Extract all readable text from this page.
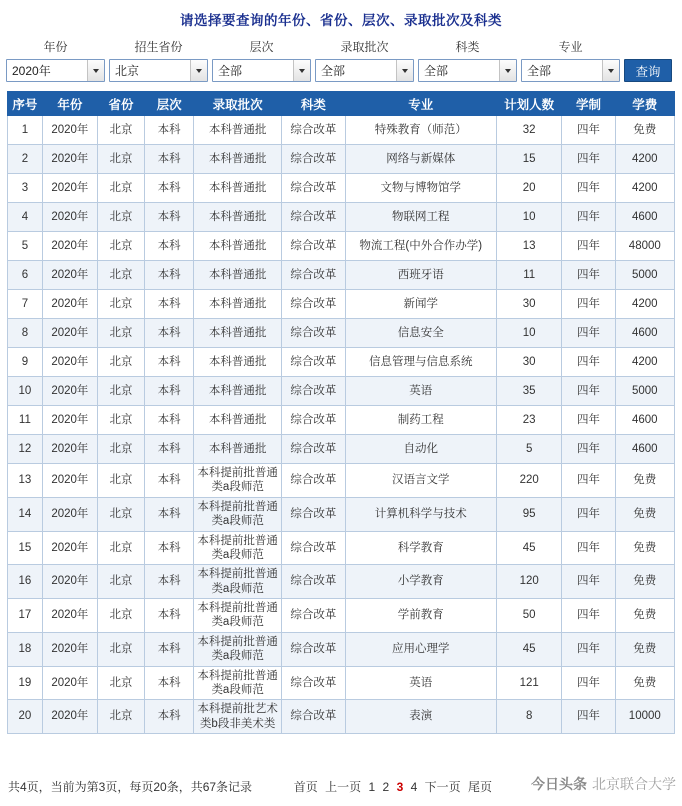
请选择要查询的年份、省份、层次、录取批次及科类
年份
2020年
招生省份
北京
层次
全部
录取批次
全部
科类
全部
专业
全部	查询
序号	年份	省份	层次	录取批次	科类	专业	计划人数	学制	学费
1	2020年	北京	本科	本科普通批	综合改革	特殊教育（师范）	32	四年	免费
2	2020年	北京	本科	本科普通批	综合改革	网络与新媒体	15	四年	4200
3	2020年	北京	本科	本科普通批	综合改革	文物与博物馆学	20	四年	4200
4	2020年	北京	本科	本科普通批	综合改革	物联网工程	10	四年	4600
5	2020年	北京	本科	本科普通批	综合改革	物流工程(中外合作办学)	13	四年	48000
6	2020年	北京	本科	本科普通批	综合改革	西班牙语	11	四年	5000
7	2020年	北京	本科	本科普通批	综合改革	新闻学	30	四年	4200
8	2020年	北京	本科	本科普通批	综合改革	信息安全	10	四年	4600
9	2020年	北京	本科	本科普通批	综合改革	信息管理与信息系统	30	四年	4200
10	2020年	北京	本科	本科普通批	综合改革	英语	35	四年	5000
11	2020年	北京	本科	本科普通批	综合改革	制药工程	23	四年	4600
12	2020年	北京	本科	本科普通批	综合改革	自动化	5	四年	4600
13	2020年	北京	本科	本科提前批普通类a段师范	综合改革	汉语言文学	220	四年	免费
14	2020年	北京	本科	本科提前批普通类a段师范	综合改革	计算机科学与技术	95	四年	免费
15	2020年	北京	本科	本科提前批普通类a段师范	综合改革	科学教育	45	四年	免费
16	2020年	北京	本科	本科提前批普通类a段师范	综合改革	小学教育	120	四年	免费
17	2020年	北京	本科	本科提前批普通类a段师范	综合改革	学前教育	50	四年	免费
18	2020年	北京	本科	本科提前批普通类a段师范	综合改革	应用心理学	45	四年	免费
19	2020年	北京	本科	本科提前批普通类a段师范	综合改革	英语	121	四年	免费
20	2020年	北京	本科	本科提前批艺术类b段非美术类	综合改革	表演	8	四年	10000
共4页，当前为第3页，每页20条，共67条记录	首页 上一页 1 2 3 4 下一页 尾页	今日头条 北京联合大学
